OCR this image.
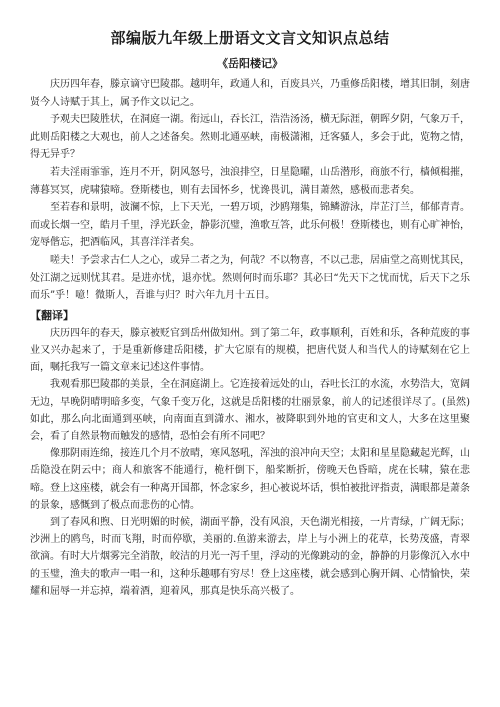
部编版九年级上册语文文言文知识点总结
《岳阳楼记》

庆历四年春，滕京谪守巴陵郡。越明年，政通人和，百废具兴，乃重修岳阳楼，增其旧制，刻唐贤今人诗赋于其上，属予作文以记之。

予观夫巴陵胜状，在洞庭一湖。衔远山，吞长江，浩浩汤汤，横无际涯，朝晖夕阴，气象万千，此则岳阳楼之大观也，前人之述备矣。然则北通巫峡，南极潇湘，迁客骚人，多会于此，览物之情，得无异乎？

若夫淫雨霏霏，连月不开，阴风怒号，浊浪排空，日星隐曜，山岳潜形，商旅不行，樯倾楫摧，薄暮冥冥，虎啸猿啼。登斯楼也，则有去国怀乡，忧谗畏讥，满目萧然，感极而悲者矣。

至若春和景明，波澜不惊，上下天光，一碧万顷，沙鸥翔集，锦鳞游泳，岸芷汀兰，郁郁青青。而或长烟一空，皓月千里，浮光跃金，静影沉璧，渔歌互答，此乐何极！登斯楼也，则有心旷神怡，宠辱偕忘，把酒临风，其喜洋洋者矣。

嗟夫！予尝求古仁人之心，或异二者之为，何哉？不以物喜，不以己悲，居庙堂之高则忧其民，处江湖之远则忧其君。是进亦忧，退亦忧。然则何时而乐耶？其必曰“先天下之忧而忧，后天下之乐而乐”乎！噫！微斯人，吾谁与归？时六年九月十五日。

【翻译】

庆历四年的春天，滕京被贬官到岳州做知州。到了第二年，政事顺利，百姓和乐，各种荒废的事业又兴办起来了，于是重新修建岳阳楼，扩大它原有的规模，把唐代贤人和当代人的诗赋刻在它上面，嘱托我写一篇文章来记述这件事情。

我观看那巴陵郡的美景，全在洞庭湖上。它连接着远处的山，吞吐长江的水流，水势浩大，宽阔无边，早晚阴晴明暗多变，气象千变万化，这就是岳阳楼的壮丽景象，前人的记述很详尽了。(虽然)如此，那么向北面通到巫峡，向南面直到潇水、湘水，被降职到外地的官吏和文人，大多在这里聚会，看了自然景物而触发的感情，恐怕会有所不同吧？

像那阴雨连绵，接连几个月不放晴，寒风怒吼，浑浊的浪冲向天空；太阳和星星隐藏起光辉，山岳隐没在阴云中；商人和旅客不能通行，桅杆倒下，船桨断折，傍晚天色昏暗，虎在长啸，猿在悲啼。登上这座楼，就会有一种离开国都，怀念家乡，担心被说坏话，惧怕被批评指责，满眼都是萧条的景象，感慨到了极点而悲伤的心情。

到了春风和煦、日光明媚的时候，湖面平静，没有风浪，天色湖光相接，一片青绿，广阔无际；沙洲上的鸥鸟，时而飞翔，时而停歇，美丽的.鱼游来游去，岸上与小洲上的花草，长势茂盛，青翠欲滴。有时大片烟雾完全消散，皎洁的月光一泻千里，浮动的光像跳动的金，静静的月影像沉入水中的玉璧，渔夫的歌声一唱一和，这种乐趣哪有穷尽！登上这座楼，就会感到心胸开阔、心情愉快，荣耀和屈辱一并忘掉，端着酒，迎着风，那真是快乐高兴极了。
